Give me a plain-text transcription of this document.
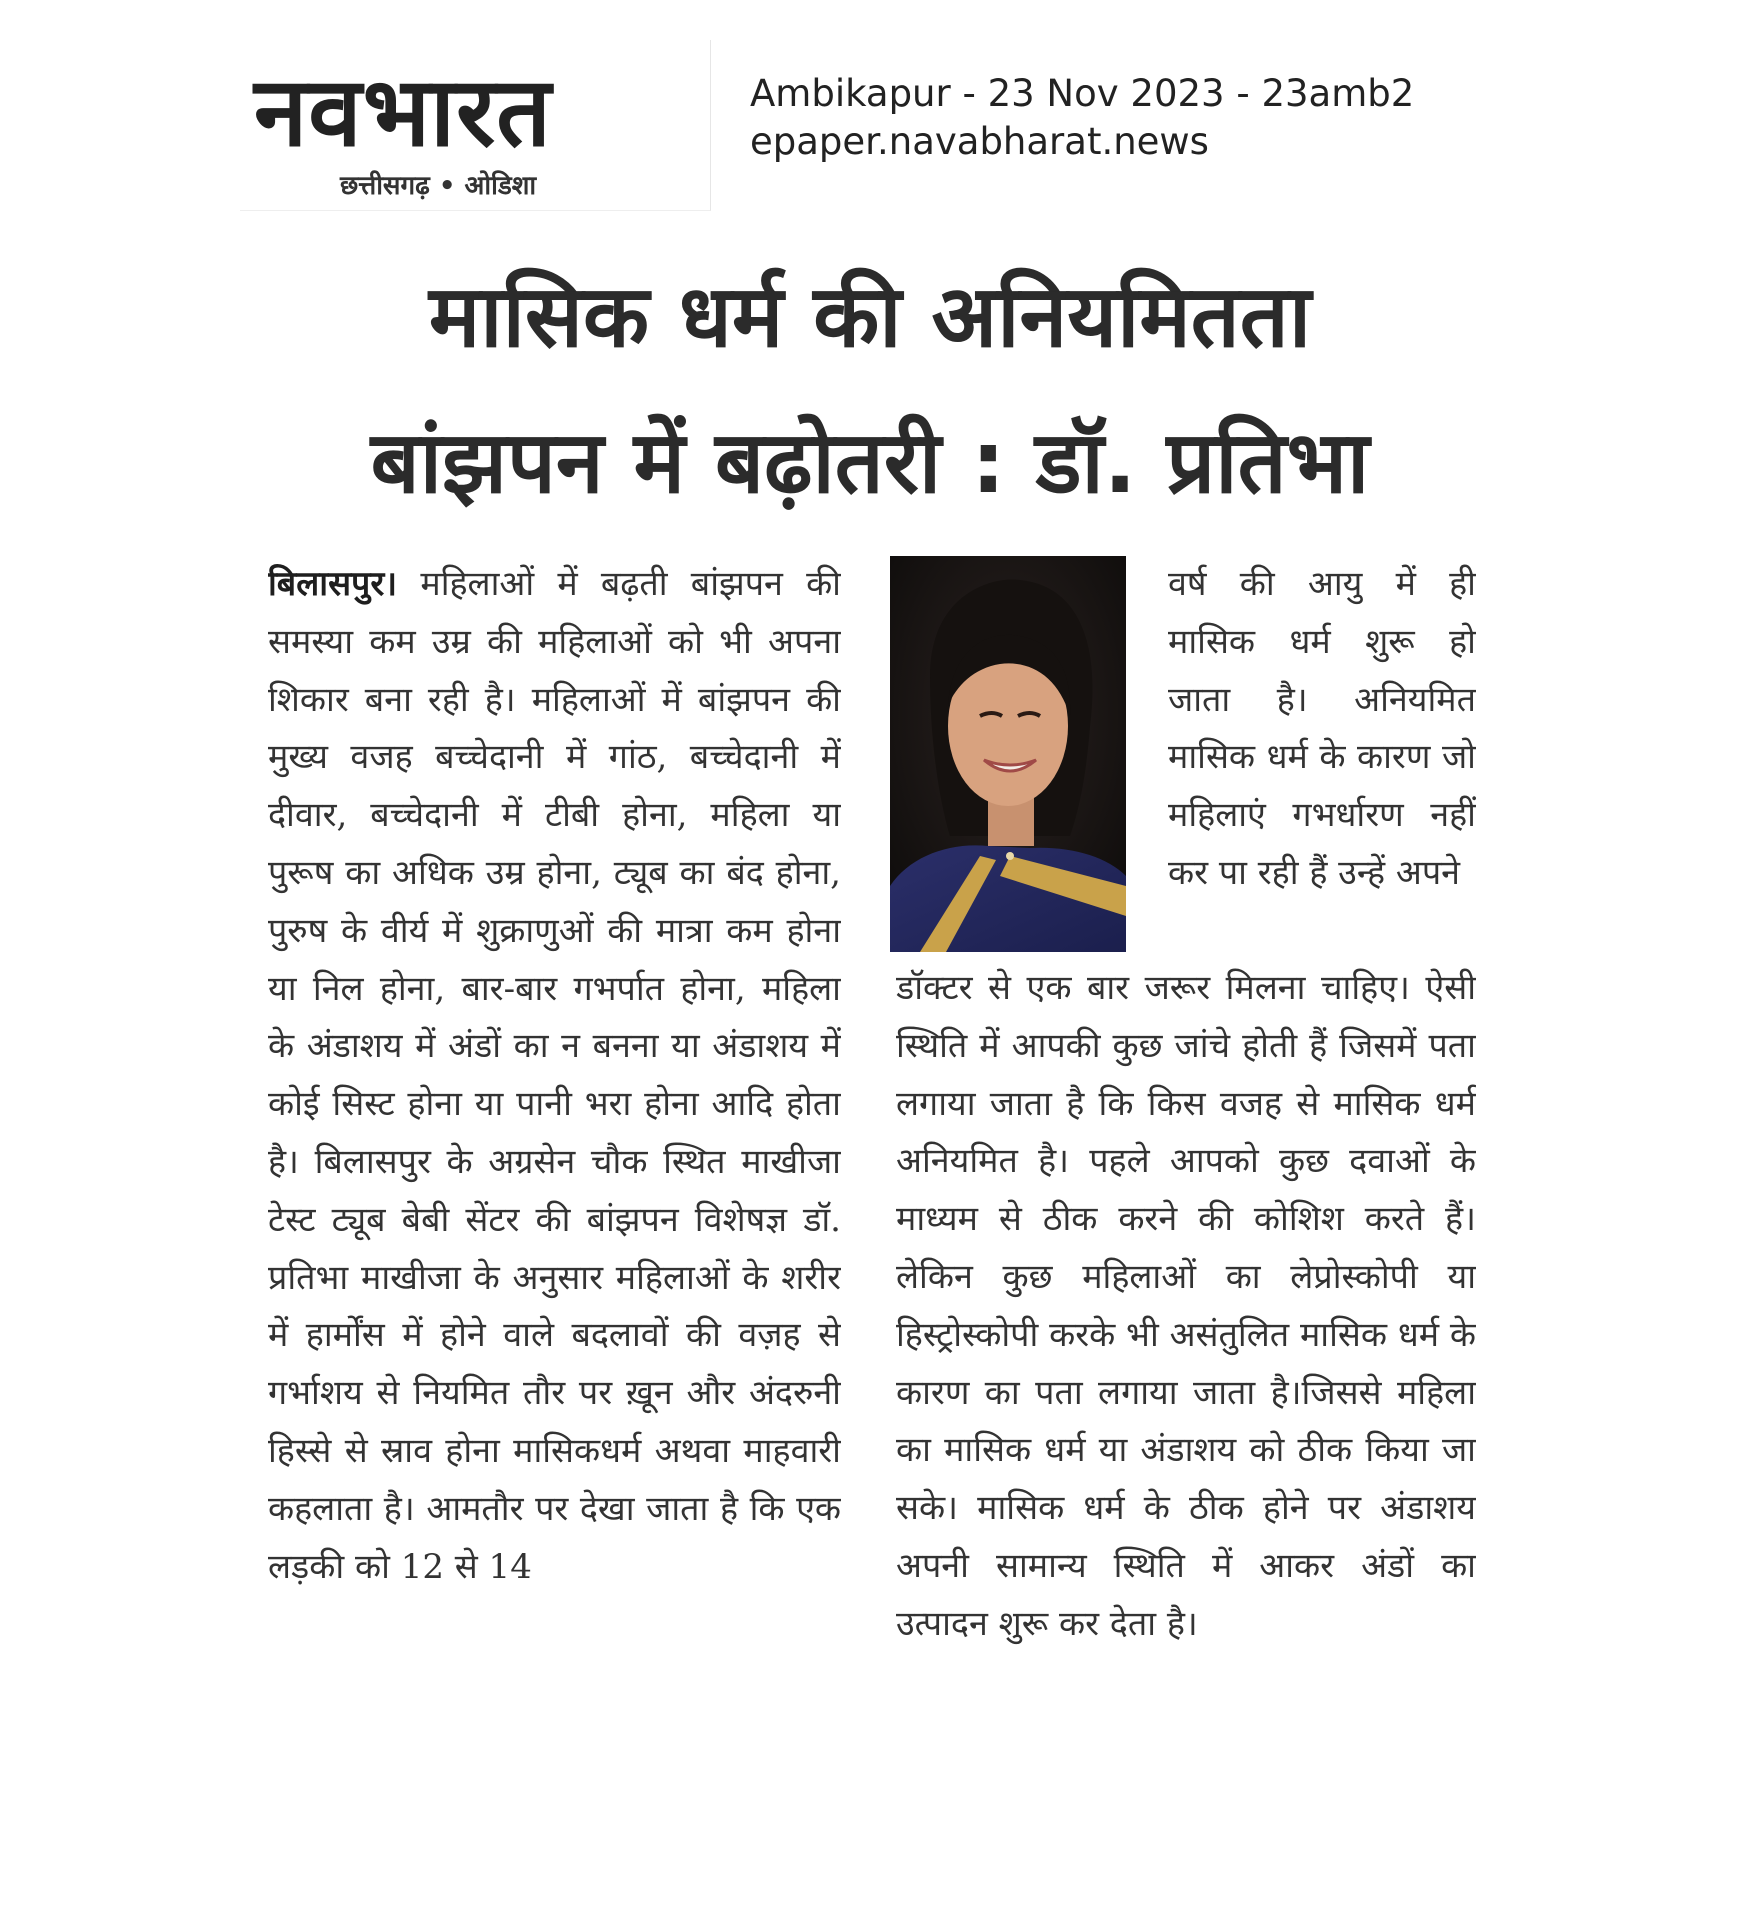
नवभारत
छत्तीसगढ़ • ओडिशा
Ambikapur - 23 Nov 2023 - 23amb2
epaper.navabharat.news
मासिक धर्म की अनियमितता
बांझपन में बढ़ोतरी : डॉ. प्रतिभा

बिलासपुर। महिलाओं में बढ़ती बांझपन की समस्या कम उम्र की महिलाओं को भी अपना शिकार बना रही है। महिलाओं में बांझपन की मुख्य वजह बच्चेदानी में गांठ, बच्चेदानी में दीवार, बच्चेदानी में टीबी होना, महिला या पुरूष का अधिक उम्र होना, ट्यूब का बंद होना, पुरुष के वीर्य में शुक्राणुओं की मात्रा कम होना या निल होना, बार-बार गभर्पात होना, महिला के अंडाशय में अंडों का न बनना या अंडाशय में कोई सिस्ट होना या पानी भरा होना आदि होता है। बिलासपुर के अग्रसेन चौक स्थित माखीजा टेस्ट ट्यूब बेबी सेंटर की बांझपन विशेषज्ञ डॉ. प्रतिभा माखीजा के अनुसार महिलाओं के शरीर में हार्मोंस में होने वाले बदलावों की वज़ह से गर्भाशय से नियमित तौर पर ख़ून और अंदरुनी हिस्से से स्राव होना मासिकधर्म अथवा माहवारी कहलाता है। आमतौर पर देखा जाता है कि एक लड़की को 12 से 14

वर्ष की आयु में ही मासिक धर्म शुरू हो जाता है। अनियमित मासिक धर्म के कारण जो महिलाएं गभर्धारण नहीं कर पा रही हैं उन्हें अपने

डॉक्टर से एक बार जरूर मिलना चाहिए। ऐसी स्थिति में आपकी कुछ जांचे होती हैं जिसमें पता लगाया जाता है कि किस वजह से मासिक धर्म अनियमित है। पहले आपको कुछ दवाओं के माध्यम से ठीक करने की कोशिश करते हैं। लेकिन कुछ महिलाओं का लेप्रोस्कोपी या हिस्ट्रोस्कोपी करके भी असंतुलित मासिक धर्म के कारण का पता लगाया जाता है।जिससे महिला का मासिक धर्म या अंडाशय को ठीक किया जा सके। मासिक धर्म के ठीक होने पर अंडाशय अपनी सामान्य स्थिति में आकर अंडों का उत्पादन शुरू कर देता है।
